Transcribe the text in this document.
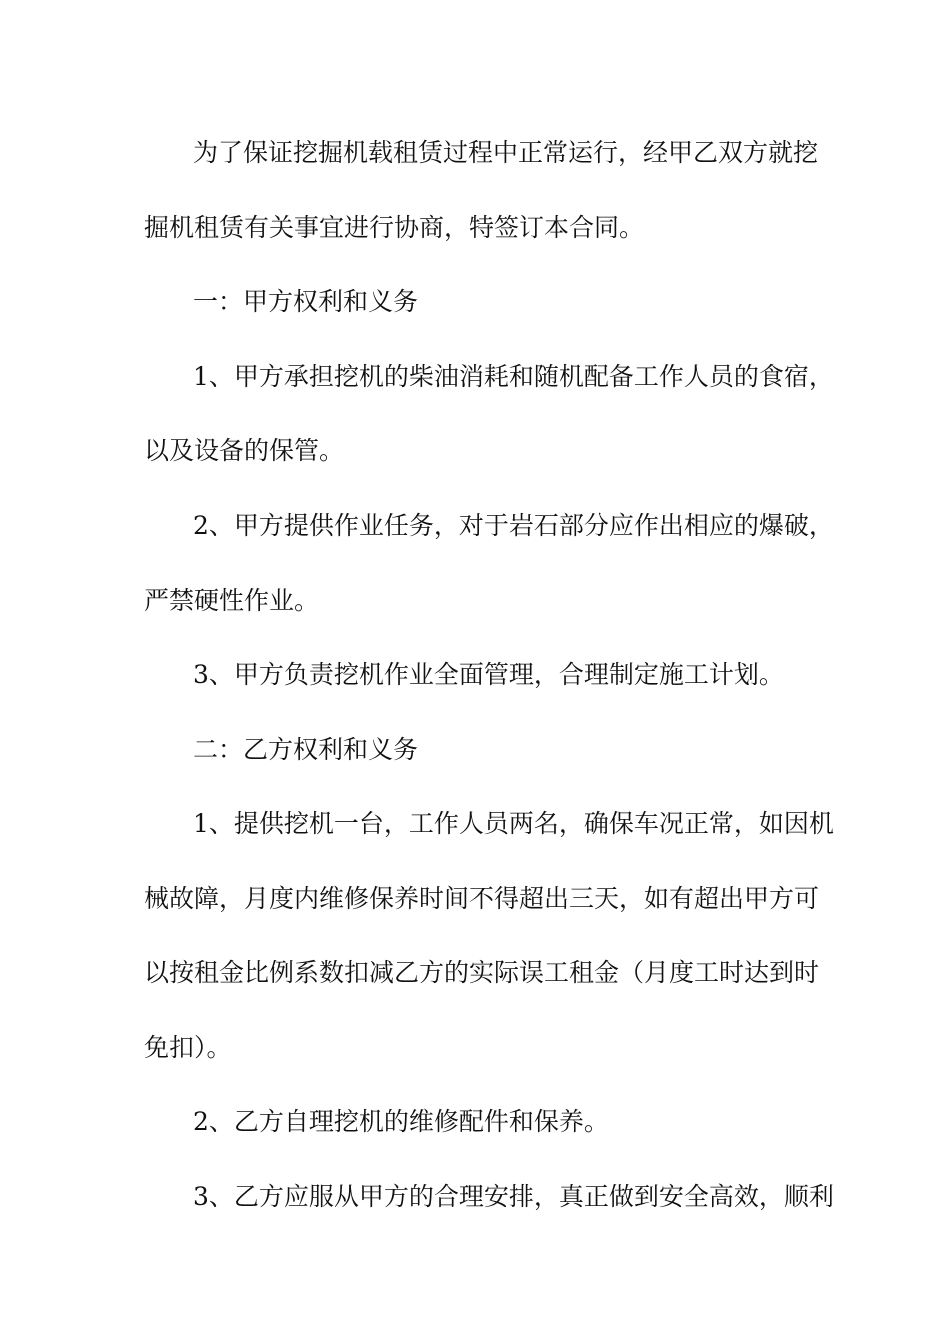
为了保证挖掘机载租赁过程中正常运行，经甲乙双方就挖
掘机租赁有关事宜进行协商，特签订本合同。
一：甲方权利和义务
1、甲方承担挖机的柴油消耗和随机配备工作人员的食宿，
以及设备的保管。
2、甲方提供作业任务，对于岩石部分应作出相应的爆破，
严禁硬性作业。
3、甲方负责挖机作业全面管理，合理制定施工计划。
二：乙方权利和义务
1、提供挖机一台，工作人员两名，确保车况正常，如因机
械故障，月度内维修保养时间不得超出三天，如有超出甲方可
以按租金比例系数扣减乙方的实际误工租金（月度工时达到时
免扣）。
2、乙方自理挖机的维修配件和保养。
3、乙方应服从甲方的合理安排，真正做到安全高效，顺利
